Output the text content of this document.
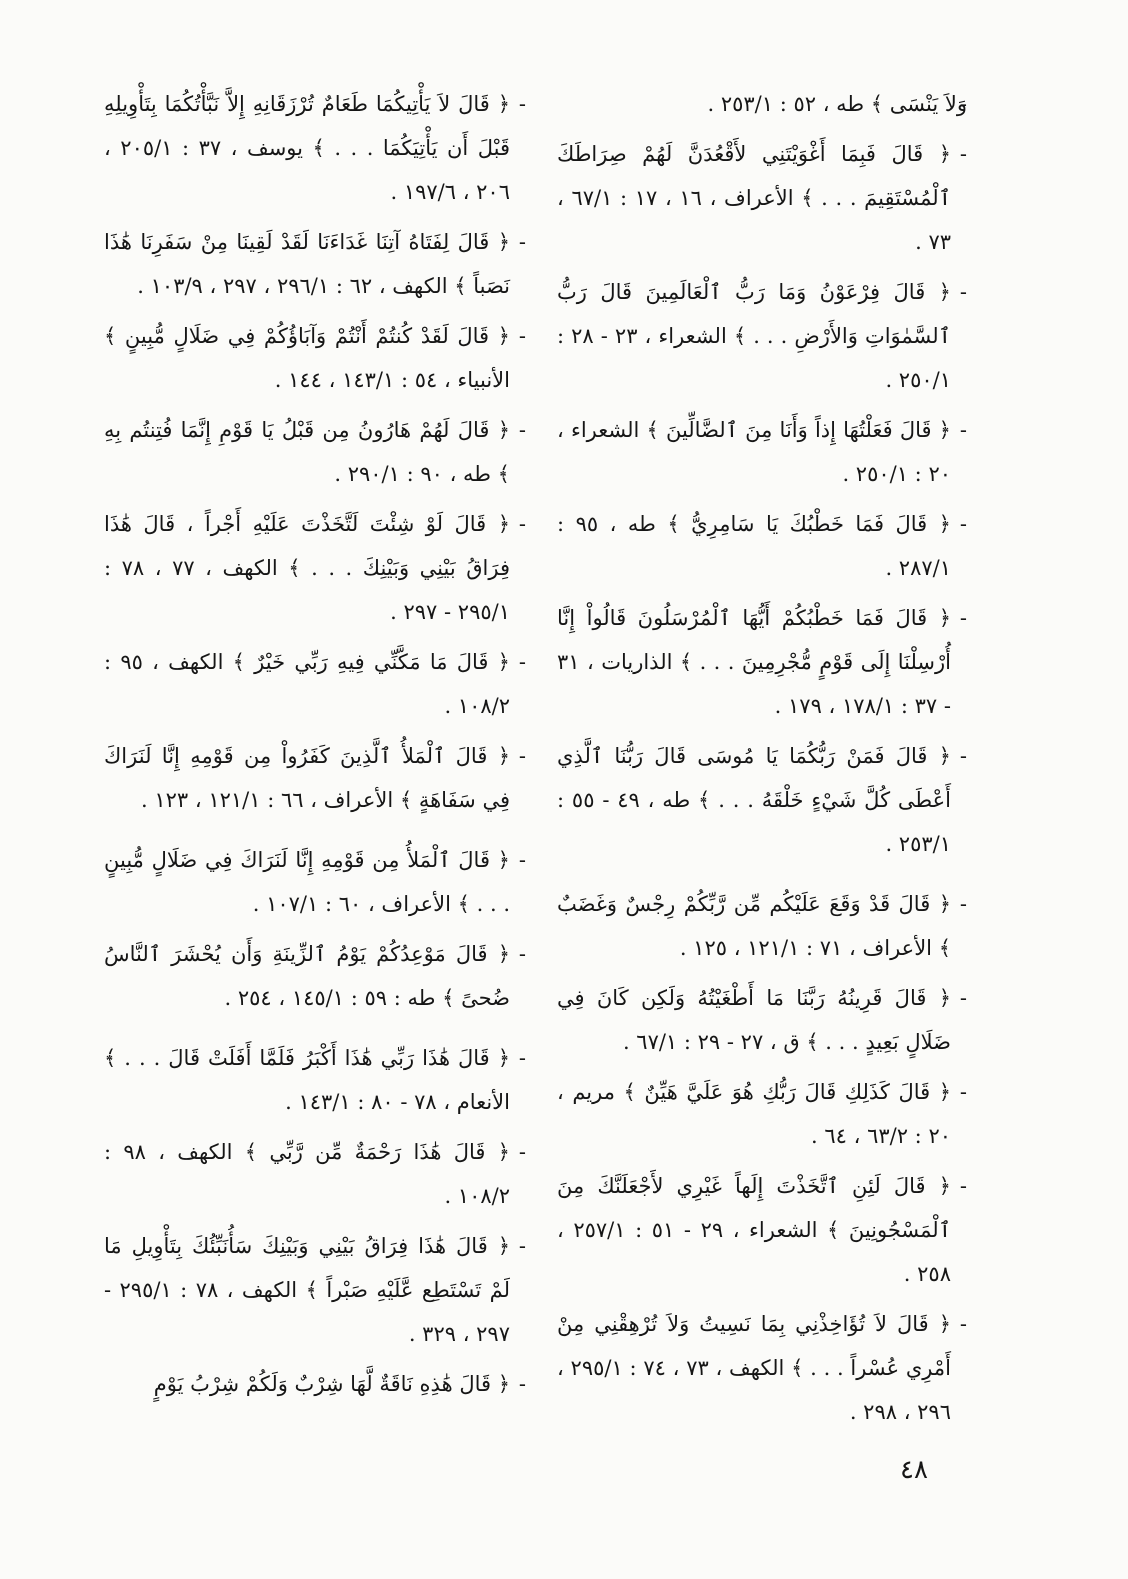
- وَلاَ يَنْسَى ﴾ طه ، ٥٢ : ٢٥٣/١ .
- ﴿ قَالَ فَبِمَا أَغْوَيْتَنِي لأَقْعُدَنَّ لَهُمْ صِرَاطَكَ ٱلْمُسْتَقِيمَ . . . ﴾ الأعراف ، ١٦ ، ١٧ : ٦٧/١ ، ٧٣ .
- ﴿ قَالَ فِرْعَوْنُ وَمَا رَبُّ ٱلْعَالَمِينَ قَالَ رَبُّ ٱلسَّمٰوَاتِ وَالأَرْضِ . . . ﴾ الشعراء ، ٢٣ - ٢٨ : ٢٥٠/١ .
- ﴿ قَالَ فَعَلْتُهَا إِذاً وَأَنَا مِنَ ٱلضَّالِّينَ ﴾ الشعراء ، ٢٠ : ٢٥٠/١ .
- ﴿ قَالَ فَمَا خَطْبُكَ يَا سَامِرِيُّ ﴾ طه ، ٩٥ : ٢٨٧/١ .
- ﴿ قَالَ فَمَا خَطْبُكُمْ أَيُّهَا ٱلْمُرْسَلُونَ قَالُواْ إِنَّا أُرْسِلْنَا إِلَى قَوْمٍ مُّجْرِمِينَ . . . ﴾ الذاريات ، ٣١ - ٣٧ : ١٧٨/١ ، ١٧٩ .
- ﴿ قَالَ فَمَنْ رَبُّكُمَا يَا مُوسَى قَالَ رَبُّنَا ٱلَّذِي أَعْطَى كُلَّ شَيْءٍ خَلْقَهُ . . . ﴾ طه ، ٤٩ - ٥٥ : ٢٥٣/١ .
- ﴿ قَالَ قَدْ وَقَعَ عَلَيْكُم مِّن رَّبِّكُمْ رِجْسٌ وَغَضَبٌ ﴾ الأعراف ، ٧١ : ١٢١/١ ، ١٢٥ .
- ﴿ قَالَ قَرِينُهُ رَبَّنَا مَا أَطْغَيْتُهُ وَلَكِن كَانَ فِي ضَلَالٍ بَعِيدٍ . . . ﴾ ق ، ٢٧ - ٢٩ : ٦٧/١ .
- ﴿ قَالَ كَذَلِكِ قَالَ رَبُّكِ هُوَ عَلَيَّ هَيِّنٌ ﴾ مريم ، ٢٠ : ٦٣/٢ ، ٦٤ .
- ﴿ قَالَ لَئِنِ ٱتَّخَذْتَ إِلَهاً غَيْرِي لأَجْعَلَنَّكَ مِنَ ٱلْمَسْجُونِينَ ﴾ الشعراء ، ٢٩ - ٥١ : ٢٥٧/١ ، ٢٥٨ .
- ﴿ قَالَ لاَ تُؤَاخِذْنِي بِمَا نَسِيتُ وَلاَ تُرْهِقْنِي مِنْ أَمْرِي عُسْراً . . . ﴾ الكهف ، ٧٣ ، ٧٤ : ٢٩٥/١ ، ٢٩٦ ، ٢٩٨ .
- ﴿ قَالَ لاَ يَأْتِيكُمَا طَعَامٌ تُرْزَقَانِهِ إِلاَّ نَبَّأْتُكُمَا بِتَأْوِيلِهِ قَبْلَ أَن يَأْتِيَكُمَا . . . ﴾ يوسف ، ٣٧ : ٢٠٥/١ ، ٢٠٦ ، ١٩٧/٦ .
- ﴿ قَالَ لِفَتَاهُ آتِنَا غَدَاءَنَا لَقَدْ لَقِينَا مِنْ سَفَرِنَا هَٰذَا نَصَباً ﴾ الكهف ، ٦٢ : ٢٩٦/١ ، ٢٩٧ ، ١٠٣/٩ .
- ﴿ قَالَ لَقَدْ كُنتُمْ أَنْتُمْ وَآبَاؤُكُمْ فِي ضَلَالٍ مُّبِينٍ ﴾ الأنبياء ، ٥٤ : ١٤٣/١ ، ١٤٤ .
- ﴿ قَالَ لَهُمْ هَارُونُ مِن قَبْلُ يَا قَوْمِ إِنَّمَا فُتِنتُم بِهِ ﴾ طه ، ٩٠ : ٢٩٠/١ .
- ﴿ قَالَ لَوْ شِئْتَ لَتَّخَذْتَ عَلَيْهِ أَجْراً ، قَالَ هَٰذَا فِرَاقُ بَيْنِي وَبَيْنِكَ . . . ﴾ الكهف ، ٧٧ ، ٧٨ : ٢٩٥/١ - ٢٩٧ .
- ﴿ قَالَ مَا مَكَّنِّي فِيهِ رَبِّي خَيْرٌ ﴾ الكهف ، ٩٥ : ١٠٨/٢ .
- ﴿ قَالَ ٱلْمَلأُ ٱلَّذِينَ كَفَرُواْ مِن قَوْمِهِ إِنَّا لَنَرَاكَ فِي سَفَاهَةٍ ﴾ الأعراف ، ٦٦ : ١٢١/١ ، ١٢٣ .
- ﴿ قَالَ ٱلْمَلأُ مِن قَوْمِهِ إِنَّا لَنَرَاكَ فِي ضَلَالٍ مُّبِينٍ . . . ﴾ الأعراف ، ٦٠ : ١٠٧/١ .
- ﴿ قَالَ مَوْعِدُكُمْ يَوْمُ ٱلزِّينَةِ وَأَن يُحْشَرَ ٱلنَّاسُ ضُحىً ﴾ طه : ٥٩ : ١٤٥/١ ، ٢٥٤ .
- ﴿ قَالَ هَٰذَا رَبِّي هَٰذَا أَكْبَرُ فَلَمَّا أَفَلَتْ قَالَ . . . ﴾ الأنعام ، ٧٨ - ٨٠ : ١٤٣/١ .
- ﴿ قَالَ هَٰذَا رَحْمَةٌ مِّن رَّبِّي ﴾ الكهف ، ٩٨ : ١٠٨/٢ .
- ﴿ قَالَ هَٰذَا فِرَاقُ بَيْنِي وَبَيْنِكَ سَأُنَبِّئُكَ بِتَأْوِيلِ مَا لَمْ تَسْتَطِع عَّلَيْهِ صَبْراً ﴾ الكهف ، ٧٨ : ٢٩٥/١ - ٢٩٧ ، ٣٢٩ .
- ﴿ قَالَ هَٰذِهِ نَاقَةٌ لَّهَا شِرْبٌ وَلَكُمْ شِرْبُ يَوْمٍ
٤٨
